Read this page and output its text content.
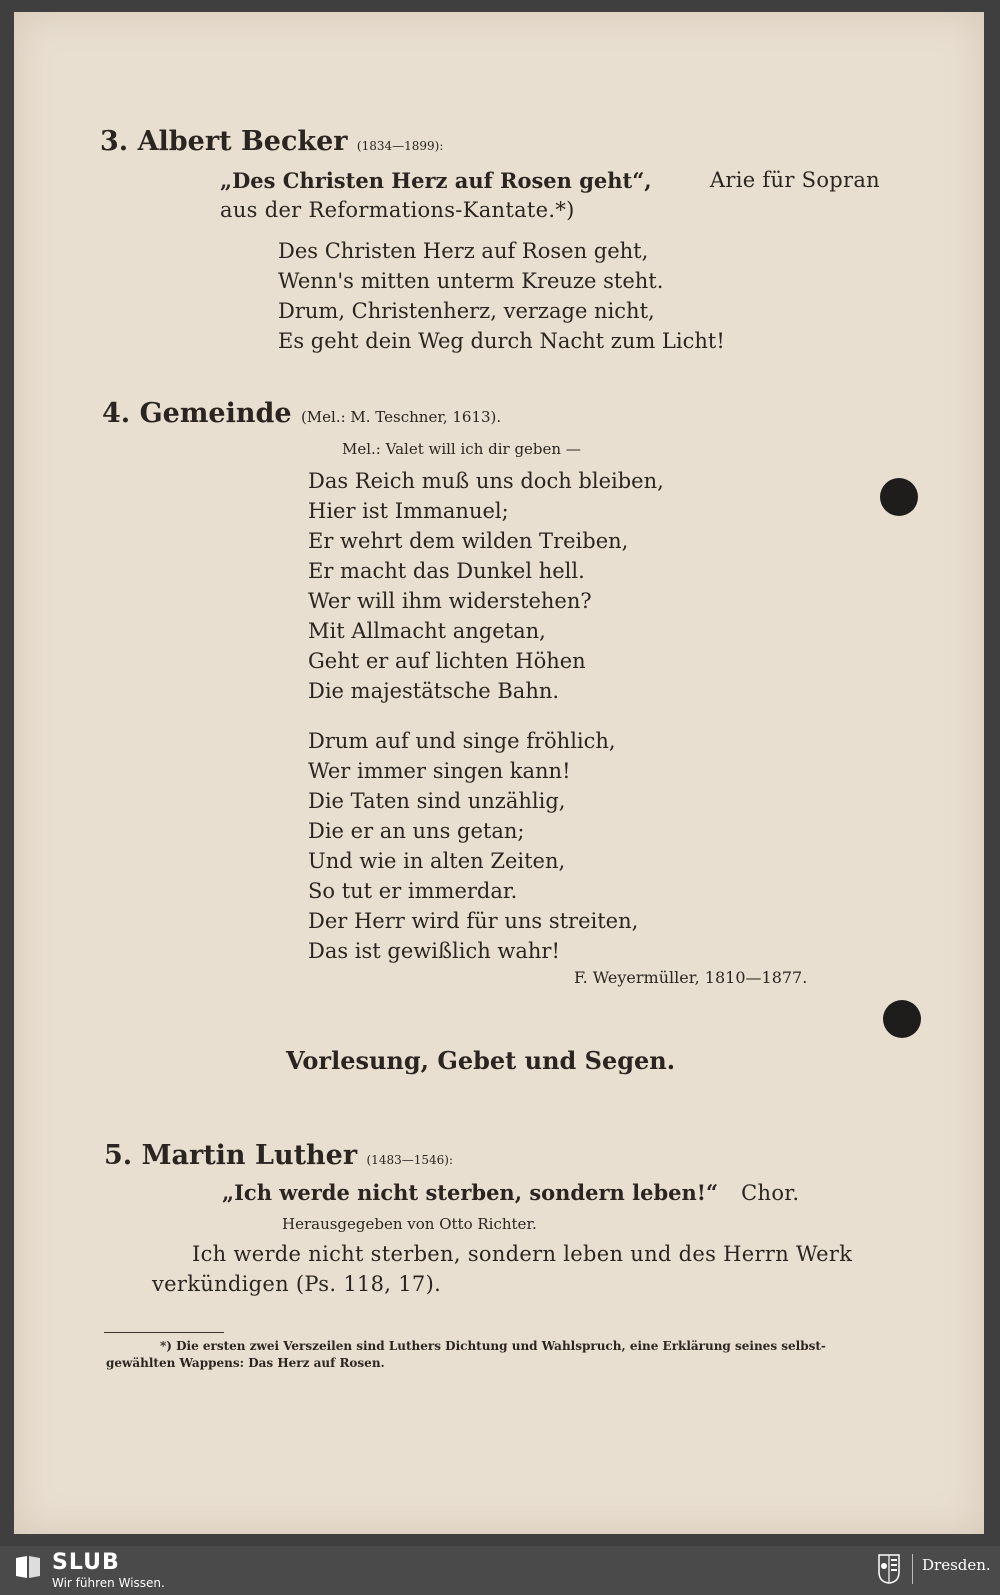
3. Albert Becker (1834—1899):
„Des Christen Herz auf Rosen geht“,	Arie für Sopran
aus der Reformations-Kantate.*)
Des Christen Herz auf Rosen geht,
Wenn's mitten unterm Kreuze steht.
Drum, Christenherz, verzage nicht,
Es geht dein Weg durch Nacht zum Licht!
4. Gemeinde (Mel.: M. Teschner, 1613).
Mel.: Valet will ich dir geben —
Das Reich muß uns doch bleiben,
Hier ist Immanuel;
Er wehrt dem wilden Treiben,
Er macht das Dunkel hell.
Wer will ihm widerstehen?
Mit Allmacht angetan,
Geht er auf lichten Höhen
Die majestätsche Bahn.
Drum auf und singe fröhlich,
Wer immer singen kann!
Die Taten sind unzählig,
Die er an uns getan;
Und wie in alten Zeiten,
So tut er immerdar.
Der Herr wird für uns streiten,
Das ist gewißlich wahr!
F. Weyermüller, 1810—1877.
Vorlesung, Gebet und Segen.
5. Martin Luther (1483—1546):
„Ich werde nicht sterben, sondern leben!“ Chor.
Herausgegeben von Otto Richter.
Ich werde nicht sterben, sondern leben und des Herrn Werk
verkündigen (Ps. 118, 17).
*) Die ersten zwei Verszeilen sind Luthers Dichtung und Wahlspruch, eine Erklärung seines selbst-
gewählten Wappens: Das Herz auf Rosen.
SLUB
Wir führen Wissen.
Dresden.
